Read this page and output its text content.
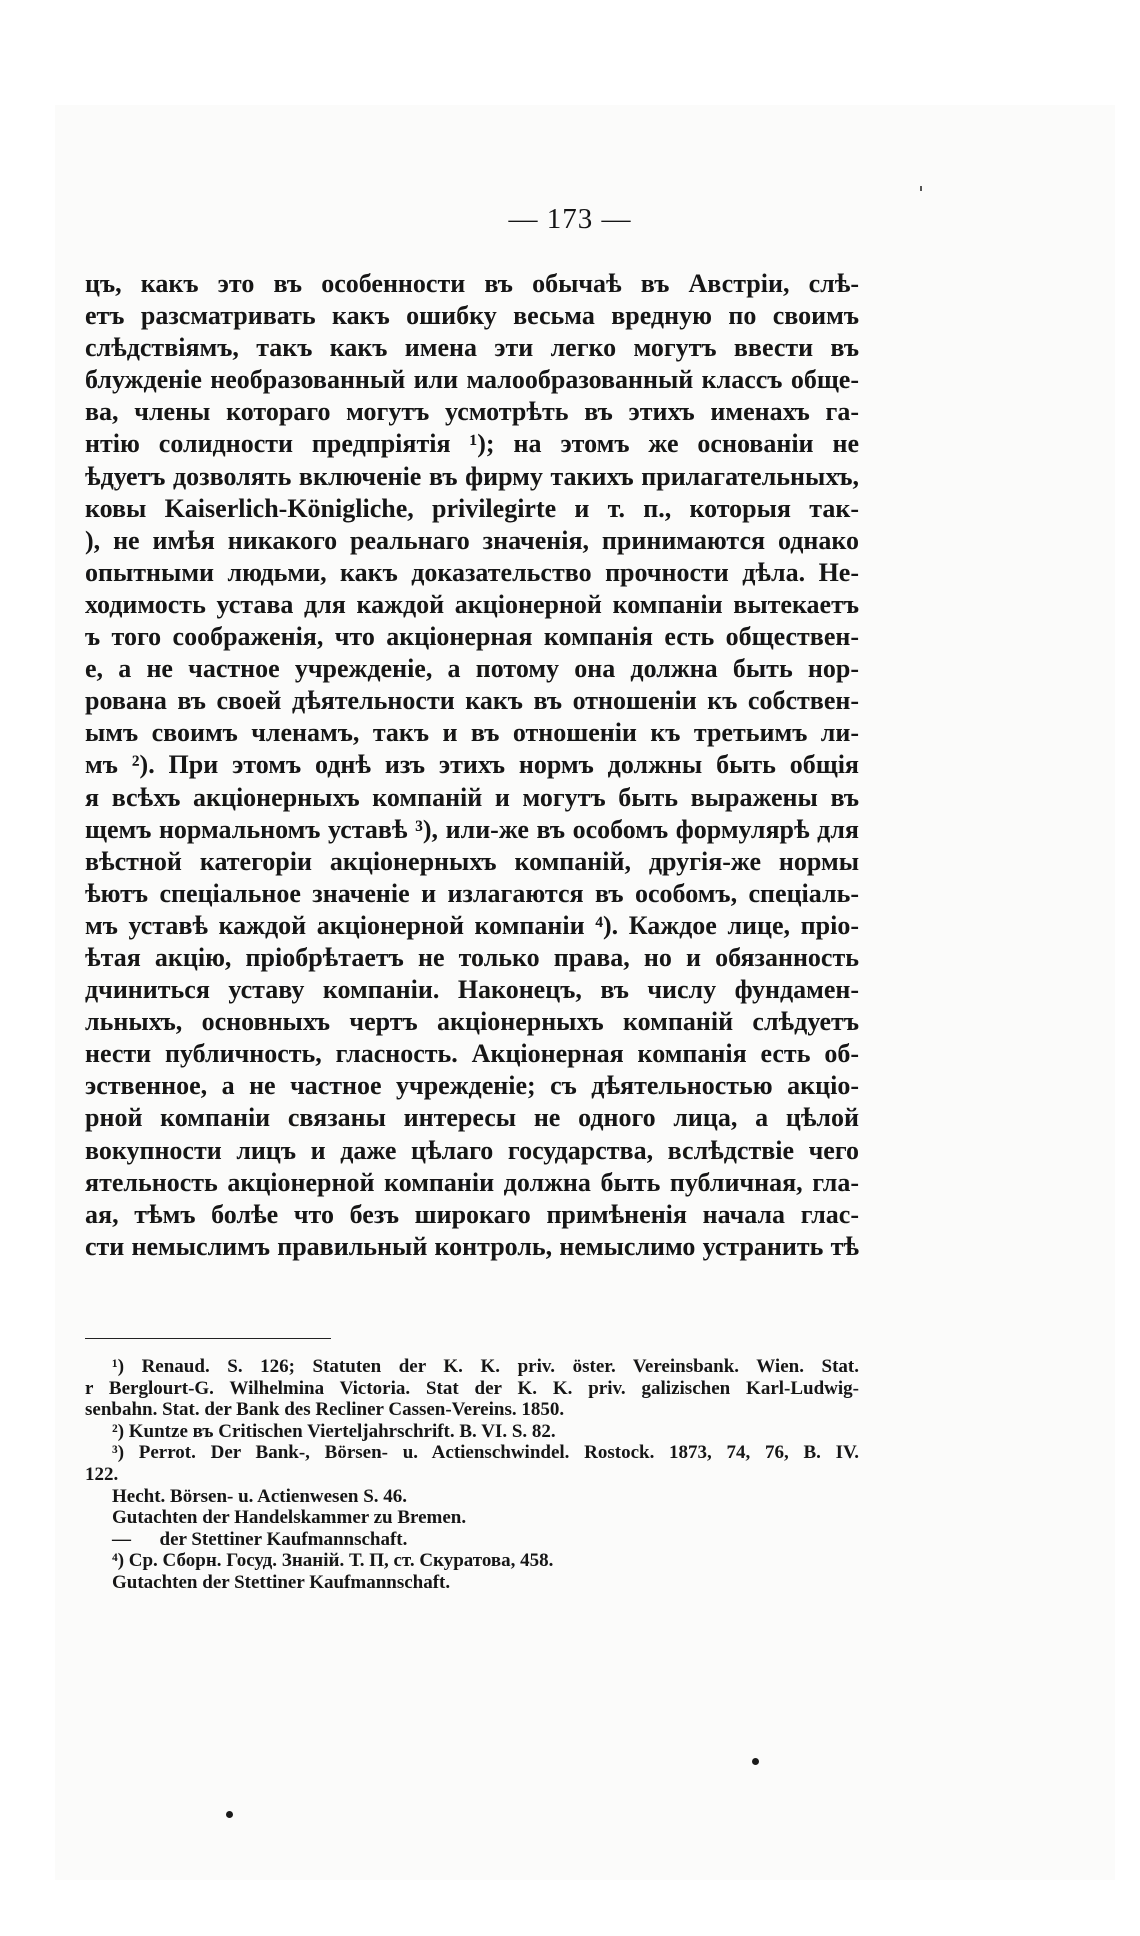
— 173 —
цъ, какъ это въ особенности въ обычаѣ въ Австріи, слѣ-
етъ разсматривать какъ ошибку весьма вредную по своимъ
слѣдствіямъ, такъ какъ имена эти легко могутъ ввести въ
блужденіе необразованный или малообразованный классъ обще-
ва, члены котораго могутъ усмотрѣть въ этихъ именахъ га-
нтію солидности предпріятія ¹); на этомъ же основаніи не
ѣдуетъ дозволять включеніе въ фирму такихъ прилагательныхъ,
ковы Kaiserlich-Königliche, privilegirte и т. п., которыя так-
), не имѣя никакого реальнаго значенія, принимаются однако
опытными людьми, какъ доказательство прочности дѣла. Не-
ходимость устава для каждой акціонерной компаніи вытекаетъ
ъ того соображенія, что акціонерная компанія есть обществен-
е, а не частное учрежденіе, а потому она должна быть нор-
рована въ своей дѣятельности какъ въ отношеніи къ собствен-
ымъ своимъ членамъ, такъ и въ отношеніи къ третьимъ ли-
мъ ²). При этомъ однѣ изъ этихъ нормъ должны быть общія
я всѣхъ акціонерныхъ компаній и могутъ быть выражены въ
щемъ нормальномъ уставѣ ³), или-же въ особомъ формулярѣ для
вѣстной категоріи акціонерныхъ компаній, другія-же нормы
ѣютъ спеціальное значеніе и излагаются въ особомъ, спеціаль-
мъ уставѣ каждой акціонерной компаніи ⁴). Каждое лице, пріо-
ѣтая акцію, пріобрѣтаетъ не только права, но и обязанность
дчиниться уставу компаніи. Наконецъ, въ числу фундамен-
льныхъ, основныхъ чертъ акціонерныхъ компаній слѣдуетъ
нести публичность, гласность. Акціонерная компанія есть об-
эственное, а не частное учрежденіе; съ дѣятельностью акціо-
рной компаніи связаны интересы не одного лица, а цѣлой
вокупности лицъ и даже цѣлаго государства, вслѣдствіе чего
ятельность акціонерной компаніи должна быть публичная, гла-
ая, тѣмъ болѣе что безъ широкаго примѣненія начала глас-
сти немыслимъ правильный контроль, немыслимо устранить тѣ
¹) Renaud. S. 126; Statuten der K. K. priv. öster. Vereinsbank. Wien. Stat.
r Berglourt-G. Wilhelmina Victoria. Stat der K. K. priv. galizischen Karl-Ludwig-
senbahn. Stat. der Bank des Recliner Cassen-Vereins. 1850.
²) Kuntze въ Critischen Vierteljahrschrift. B. VI. S. 82.
³) Perrot. Der Bank-, Börsen- u. Actienschwindel. Rostock. 1873, 74, 76, B. IV.
122.
Hecht. Börsen- u. Actienwesen S. 46.
Gutachten der Handelskammer zu Bremen.
—      der Stettiner Kaufmannschaft.
⁴) Ср. Сборн. Госуд. Знаній. Т. П, ст. Скуратова, 458.
Gutachten der Stettiner Kaufmannschaft.
